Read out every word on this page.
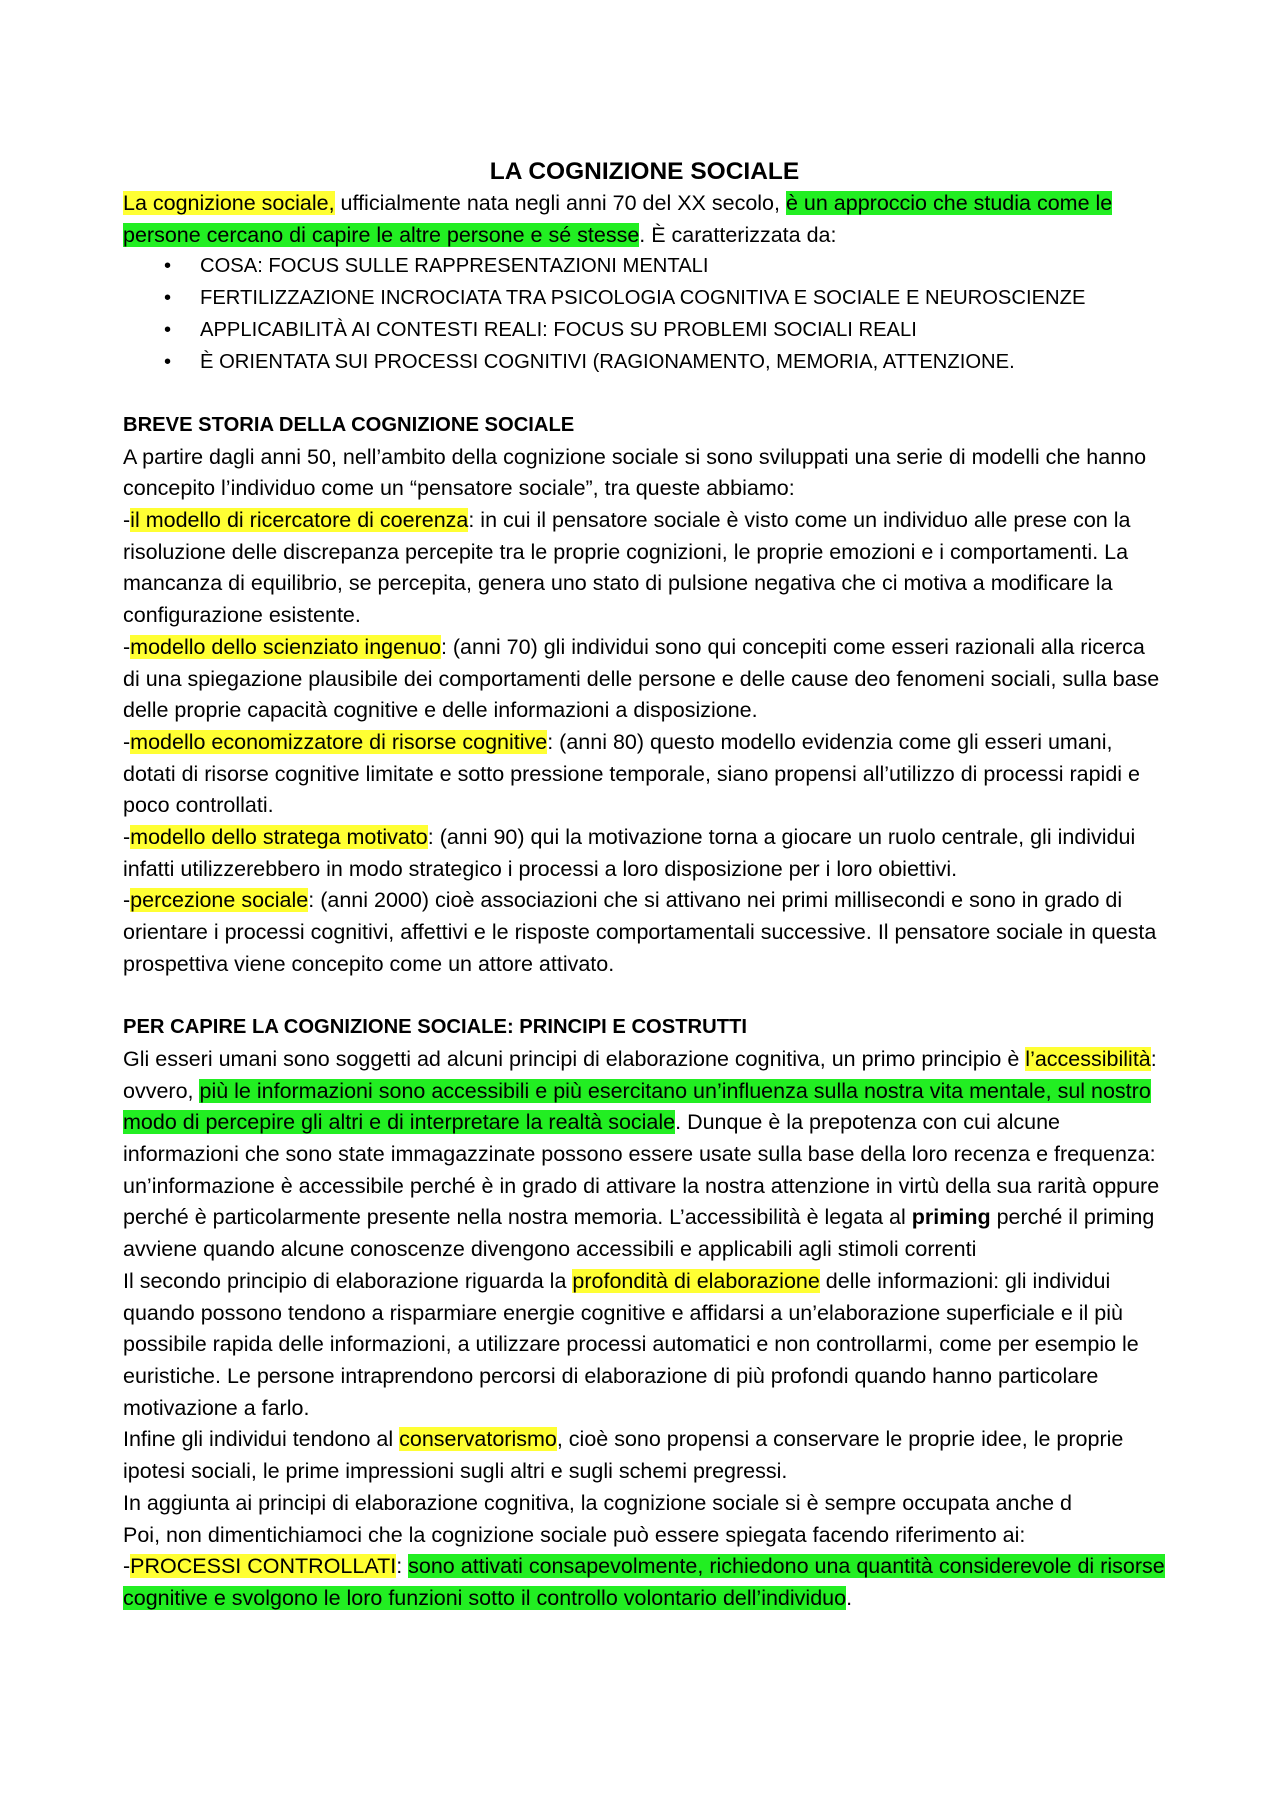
LA COGNIZIONE SOCIALE

La cognizione sociale, ufficialmente nata negli anni 70 del XX secolo, è un approccio che studia come le persone cercano di capire le altre persone e sé stesse. È caratterizzata da:

• COSA: FOCUS SULLE RAPPRESENTAZIONI MENTALI
• FERTILIZZAZIONE INCROCIATA TRA PSICOLOGIA COGNITIVA E SOCIALE E NEUROSCIENZE
• APPLICABILITÀ AI CONTESTI REALI: FOCUS SU PROBLEMI SOCIALI REALI
• È ORIENTATA SUI PROCESSI COGNITIVI (RAGIONAMENTO, MEMORIA, ATTENZIONE.

BREVE STORIA DELLA COGNIZIONE SOCIALE

A partire dagli anni 50, nell’ambito della cognizione sociale si sono sviluppati una serie di modelli che hanno concepito l’individuo come un “pensatore sociale”, tra queste abbiamo:

-il modello di ricercatore di coerenza: in cui il pensatore sociale è visto come un individuo alle prese con la risoluzione delle discrepanza percepite tra le proprie cognizioni, le proprie emozioni e i comportamenti. La mancanza di equilibrio, se percepita, genera uno stato di pulsione negativa che ci motiva a modificare la configurazione esistente.

-modello dello scienziato ingenuo: (anni 70) gli individui sono qui concepiti come esseri razionali alla ricerca di una spiegazione plausibile dei comportamenti delle persone e delle cause deo fenomeni sociali, sulla base delle proprie capacità cognitive e delle informazioni a disposizione.

-modello economizzatore di risorse cognitive: (anni 80) questo modello evidenzia come gli esseri umani, dotati di risorse cognitive limitate e sotto pressione temporale, siano propensi all’utilizzo di processi rapidi e poco controllati.

-modello dello stratega motivato: (anni 90) qui la motivazione torna a giocare un ruolo centrale, gli individui infatti utilizzerebbero in modo strategico i processi a loro disposizione per i loro obiettivi.

-percezione sociale: (anni 2000) cioè associazioni che si attivano nei primi millisecondi e sono in grado di orientare i processi cognitivi, affettivi e le risposte comportamentali successive. Il pensatore sociale in questa prospettiva viene concepito come un attore attivato.

PER CAPIRE LA COGNIZIONE SOCIALE: PRINCIPI E COSTRUTTI

Gli esseri umani sono soggetti ad alcuni principi di elaborazione cognitiva, un primo principio è l’accessibilità: ovvero, più le informazioni sono accessibili e più esercitano un’influenza sulla nostra vita mentale, sul nostro modo di percepire gli altri e di interpretare la realtà sociale. Dunque è la prepotenza con cui alcune informazioni che sono state immagazzinate possono essere usate sulla base della loro recenza e frequenza: un’informazione è accessibile perché è in grado di attivare la nostra attenzione in virtù della sua rarità oppure perché è particolarmente presente nella nostra memoria. L’accessibilità è legata al priming perché il priming avviene quando alcune conoscenze divengono accessibili e applicabili agli stimoli correnti

Il secondo principio di elaborazione riguarda la profondità di elaborazione delle informazioni: gli individui quando possono tendono a risparmiare energie cognitive e affidarsi a un’elaborazione superficiale e il più possibile rapida delle informazioni, a utilizzare processi automatici e non controllarmi, come per esempio le euristiche. Le persone intraprendono percorsi di elaborazione di più profondi quando hanno particolare motivazione a farlo.

Infine gli individui tendono al conservatorismo, cioè sono propensi a conservare le proprie idee, le proprie ipotesi sociali, le prime impressioni sugli altri e sugli schemi pregressi.

In aggiunta ai principi di elaborazione cognitiva, la cognizione sociale si è sempre occupata anche d

Poi, non dimentichiamoci che la cognizione sociale può essere spiegata facendo riferimento ai:

-PROCESSI CONTROLLATI: sono attivati consapevolmente, richiedono una quantità considerevole di risorse cognitive e svolgono le loro funzioni sotto il controllo volontario dell’individuo.
